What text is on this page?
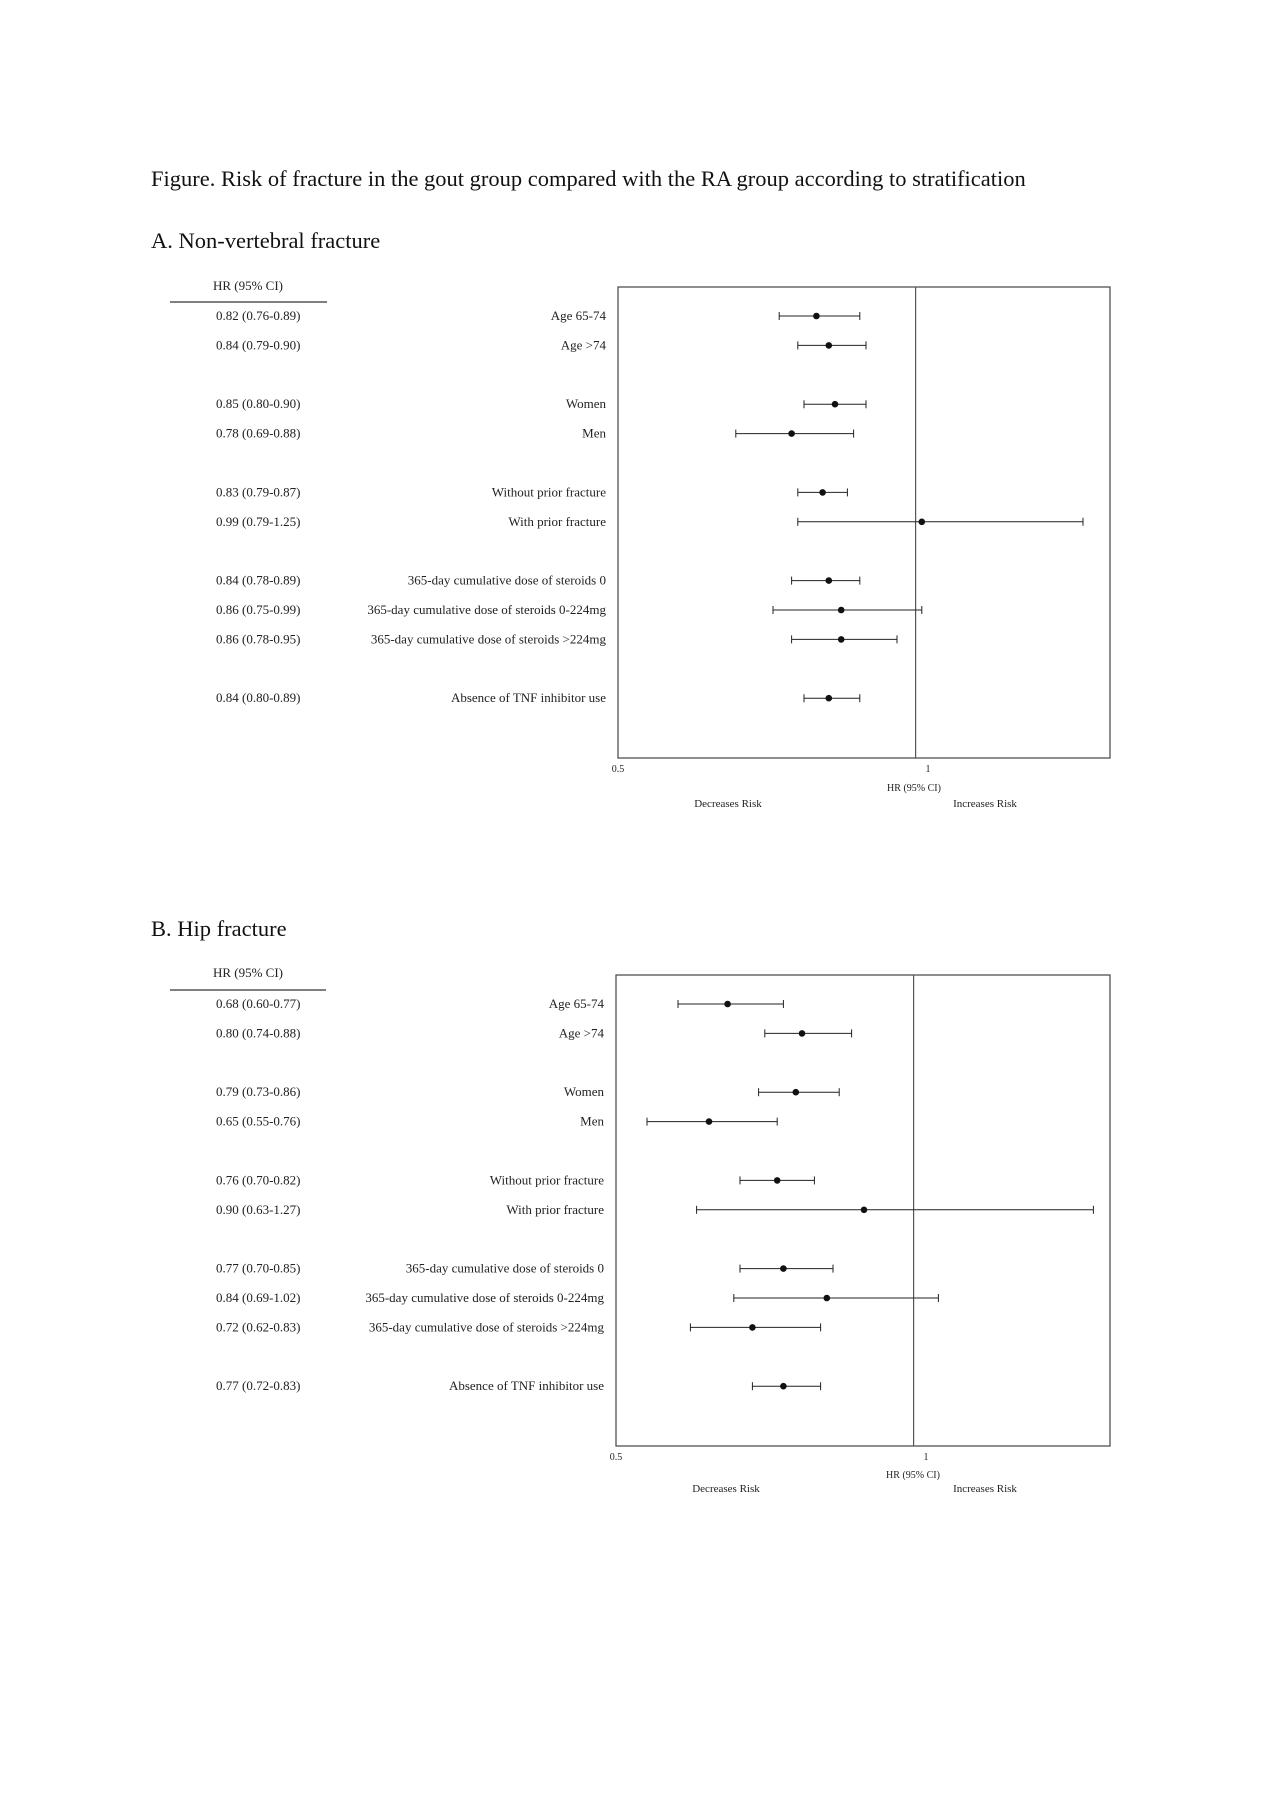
Figure. Risk of fracture in the gout group compared with the RA group according to stratification
A. Non-vertebral fracture
B. Hip fracture
HR (95% CI)
0.82 (0.76-0.89)	Age 65-74
0.84 (0.79-0.90)	Age >74
0.85 (0.80-0.90)	Women
0.78 (0.69-0.88)	Men
0.83 (0.79-0.87)	Without prior fracture
0.99 (0.79-1.25)	With prior fracture
0.84 (0.78-0.89)	365-day cumulative dose of steroids 0
0.86 (0.75-0.99)	365-day cumulative dose of steroids 0-224mg
0.86 (0.78-0.95)	365-day cumulative dose of steroids >224mg
0.84 (0.80-0.89)	Absence of TNF inhibitor use
0.5	1
HR (95% CI)
Decreases Risk	Increases Risk
HR (95% CI)
0.68 (0.60-0.77)	Age 65-74
0.80 (0.74-0.88)	Age >74
0.79 (0.73-0.86)	Women
0.65 (0.55-0.76)	Men
0.76 (0.70-0.82)	Without prior fracture
0.90 (0.63-1.27)	With prior fracture
0.77 (0.70-0.85)	365-day cumulative dose of steroids 0
0.84 (0.69-1.02)	365-day cumulative dose of steroids 0-224mg
0.72 (0.62-0.83)	365-day cumulative dose of steroids >224mg
0.77 (0.72-0.83)	Absence of TNF inhibitor use
0.5	1
HR (95% CI)
Decreases Risk	Increases Risk
